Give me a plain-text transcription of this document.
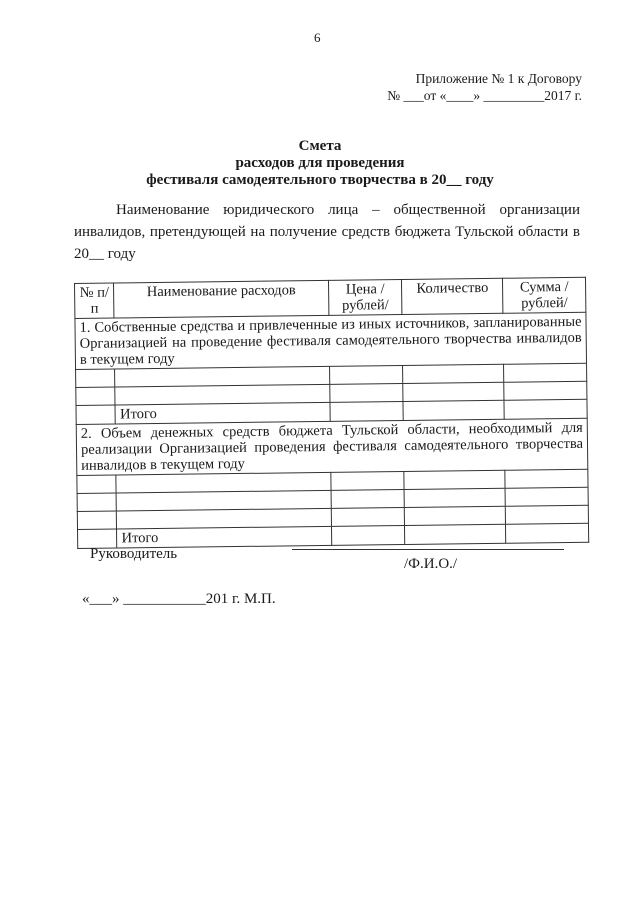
6
Приложение № 1 к Договору
№ ___от «____» _________2017 г.
Смета
расходов для проведения
фестиваля самодеятельного творчества в 20__ году
Наименование юридического лица – общественной организации инвалидов, претендующей на получение средств бюджета Тульской области в 20__ году
№ п/п	Наименование расходов	Цена /рублей/	Количество	Сумма /рублей/
1. Собственные средства и привлеченные из иных источников, запланированные Организацией на проведение фестиваля самодеятельного творчества инвалидов в текущем году				

	Итого			
2. Объем денежных средств бюджета Тульской области, необходимый для реализации Организацией проведения фестиваля самодеятельного творчества инвалидов в текущем году				

	Итого			
Руководитель
/Ф.И.О./
«___» ___________201 г. М.П.
